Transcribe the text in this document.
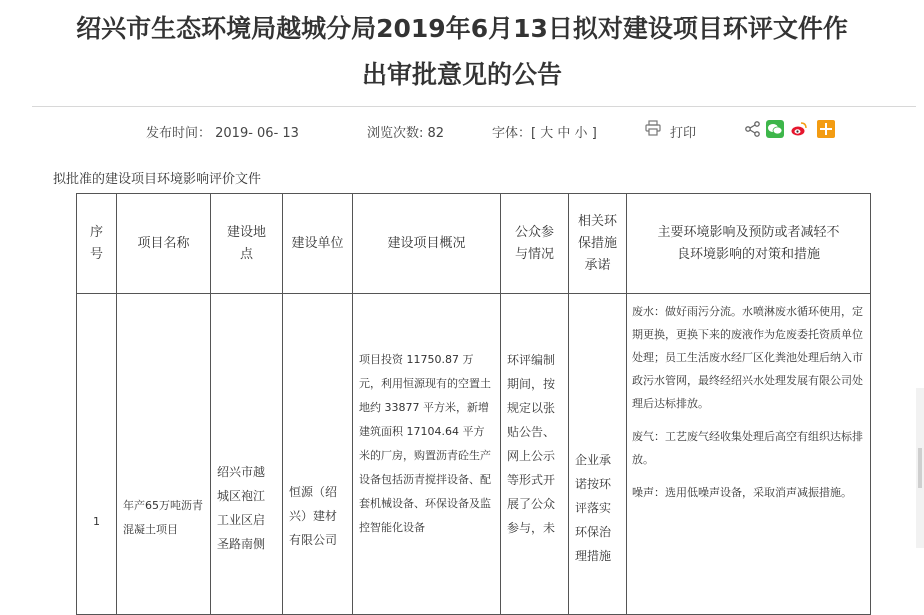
绍兴市生态环境局越城分局2019年6月13日拟对建设项目环评文件作
出审批意见的公告
发布时间： 2019- 06- 13	浏览次数: 82	字体：[ 大 中 小 ]	打印
拟批准的建设项目环境影响评价文件
序号	项目名称	建设地点	建设单位	建设项目概况	公众参与情况	相关环保措施承诺	主要环境影响及预防或者减轻不良环境影响的对策和措施

1	年产65万吨沥青混凝土项目	绍兴市越城区袍江工业区启圣路南侧	恒源（绍兴）建材有限公司	项目投资 11750.87 万元，利用恒源现有的空置土地约 33877 平方米，新增建筑面积 17104.64 平方米的厂房，购置沥青砼生产设备包括沥青搅拌设备、配套机械设备、环保设备及监控智能化设备	环评编制期间，按规定以张贴公告、网上公示等形式开展了公众参与，未	企业承诺按环评落实环保治理措施	废水：做好雨污分流。水喷淋废水循环使用，定期更换，更换下来的废液作为危废委托资质单位处理；员工生活废水经厂区化粪池处理后纳入市政污水管网，最终经绍兴水处理发展有限公司处理后达标排放。

废气：工艺废气经收集处理后高空有组织达标排放。

噪声：选用低噪声设备，采取消声减振措施。
